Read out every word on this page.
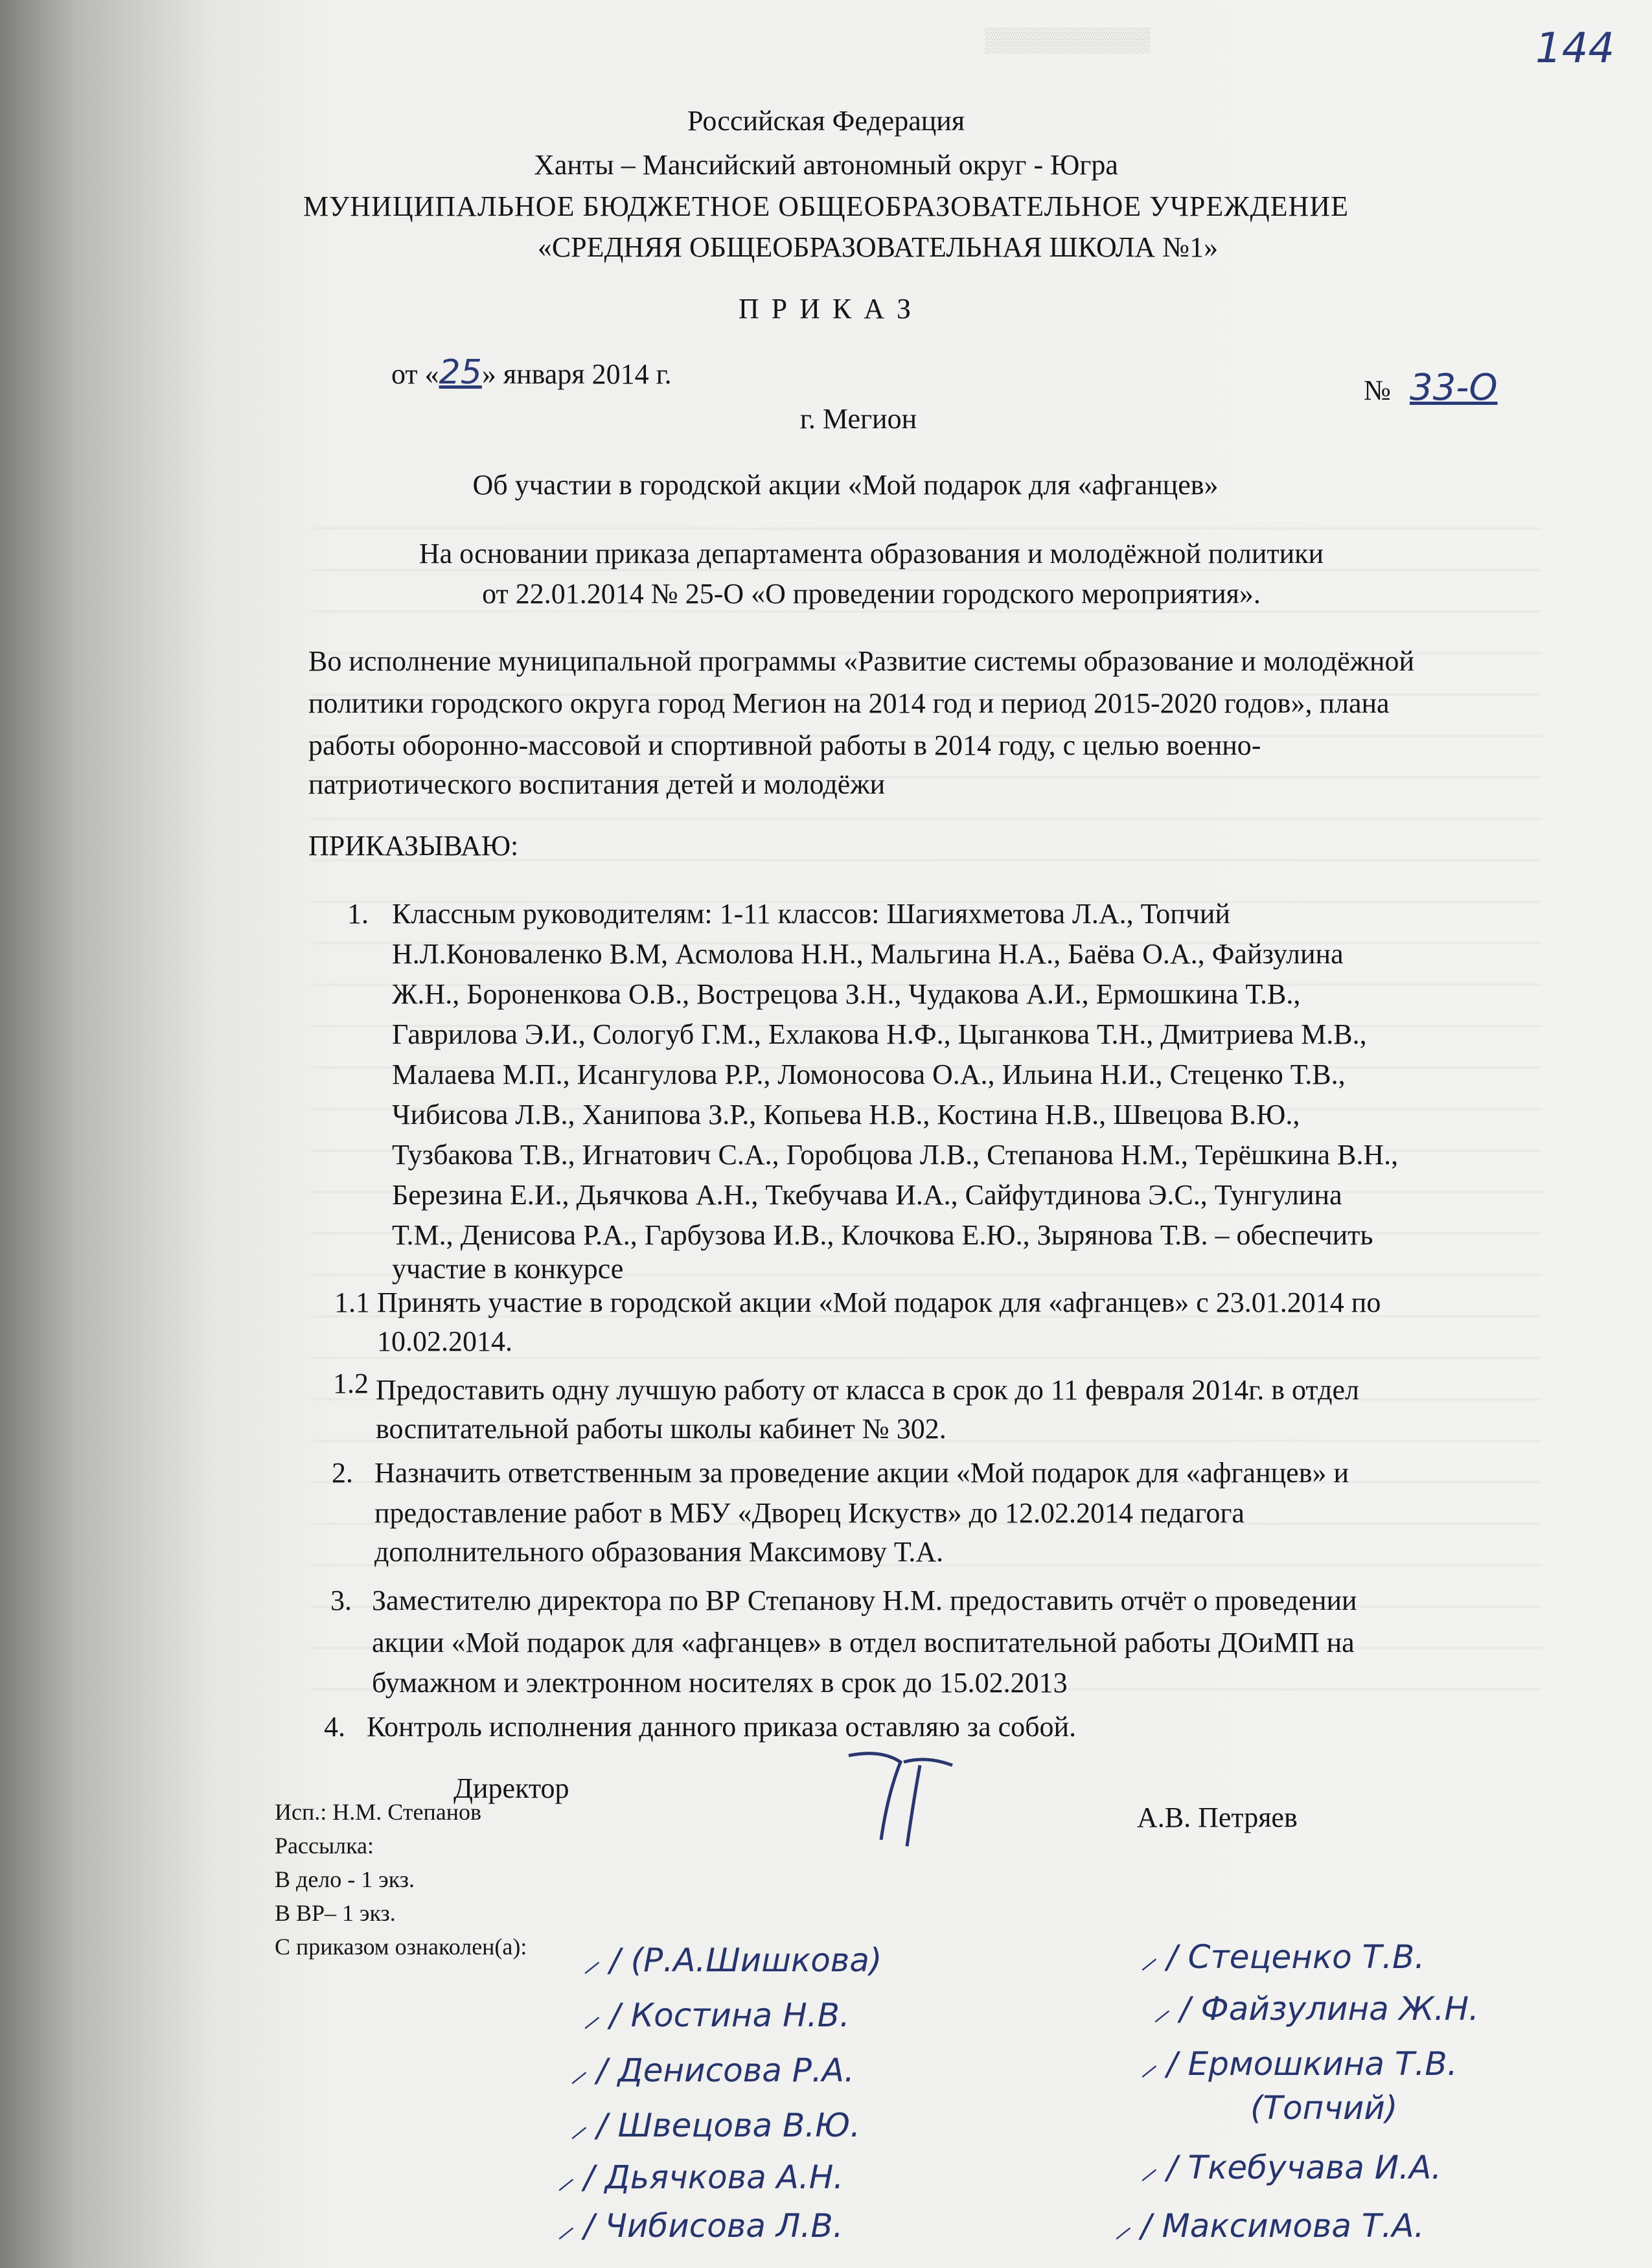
▒▒▒▒▒▒▒▒▒▒	144
Российская Федерация
Ханты – Мансийский автономный округ - Югра
МУНИЦИПАЛЬНОЕ БЮДЖЕТНОЕ ОБЩЕОБРАЗОВАТЕЛЬНОЕ УЧРЕЖДЕНИЕ
«СРЕДНЯЯ ОБЩЕОБРАЗОВАТЕЛЬНАЯ ШКОЛА №1»
П Р И К А З
от «25» января 2014 г.
№ 33-О
г. Мегион
Об участии в городской акции «Мой подарок для «афганцев»
На основании приказа департамента образования и молодёжной политики
от 22.01.2014 № 25-О «О проведении городского мероприятия».
Во исполнение муниципальной программы «Развитие системы образование и молодёжной
политики городского округа город Мегион на 2014 год и период 2015-2020 годов», плана
работы оборонно-массовой и спортивной работы в 2014 году, с целью военно-
патриотического воспитания детей и молодёжи
ПРИКАЗЫВАЮ:
1. Классным руководителям: 1-11 классов: Шагияхметова Л.А., Топчий
Н.Л.Коноваленко В.М, Асмолова Н.Н., Мальгина Н.А., Баёва О.А., Файзулина
Ж.Н., Бороненкова О.В., Вострецова З.Н., Чудакова А.И., Ермошкина Т.В.,
Гаврилова Э.И., Сологуб Г.М., Ехлакова Н.Ф., Цыганкова Т.Н., Дмитриева М.В.,
Малаева М.П., Исангулова Р.Р., Ломоносова О.А., Ильина Н.И., Стеценко Т.В.,
Чибисова Л.В., Ханипова З.Р., Копьева Н.В., Костина Н.В., Швецова В.Ю.,
Тузбакова Т.В., Игнатович С.А., Горобцова Л.В., Степанова Н.М., Терёшкина В.Н.,
Березина Е.И., Дьячкова А.Н., Ткебучава И.А., Сайфутдинова Э.С., Тунгулина
Т.М., Денисова Р.А., Гарбузова И.В., Клочкова Е.Ю., Зырянова Т.В. – обеспечить
участие в конкурсе
1.1 Принять участие в городской акции «Мой подарок для «афганцев» с 23.01.2014 по
10.02.2014.
1.2 Предоставить одну лучшую работу от класса в срок до 11 февраля 2014г. в отдел
воспитательной работы школы кабинет № 302.
2. Назначить ответственным за проведение акции «Мой подарок для «афганцев» и
предоставление работ в МБУ «Дворец Искуств» до 12.02.2014 педагога
дополнительного образования Максимову Т.А.
3. Заместителю директора по ВР Степанову Н.М. предоставить отчёт о проведении
акции «Мой подарок для «афганцев» в отдел воспитательной работы ДОиМП на
бумажном и электронном носителях в срок до 15.02.2013
4. Контроль исполнения данного приказа оставляю за собой.
Директор
А.В. Петряев
Исп.: Н.М. Степанов
Рассылка:
В дело - 1 экз.
В ВР– 1 экз.
С приказом ознаколен(а): ⸝ / (Р.А.Шишкова)
⸝ / Костина Н.В.
⸝ / Денисова Р.А.
⸝ / Швецова В.Ю.
⸝ / Дьячкова А.Н.
⸝ / Чибисова Л.В.
⸝ / Стеценко Т.В.
⸝ / Файзулина Ж.Н.
⸝ / Ермошкина Т.В.
(Топчий)
⸝ / Ткебучава И.А.
⸝ / Максимова Т.А.
